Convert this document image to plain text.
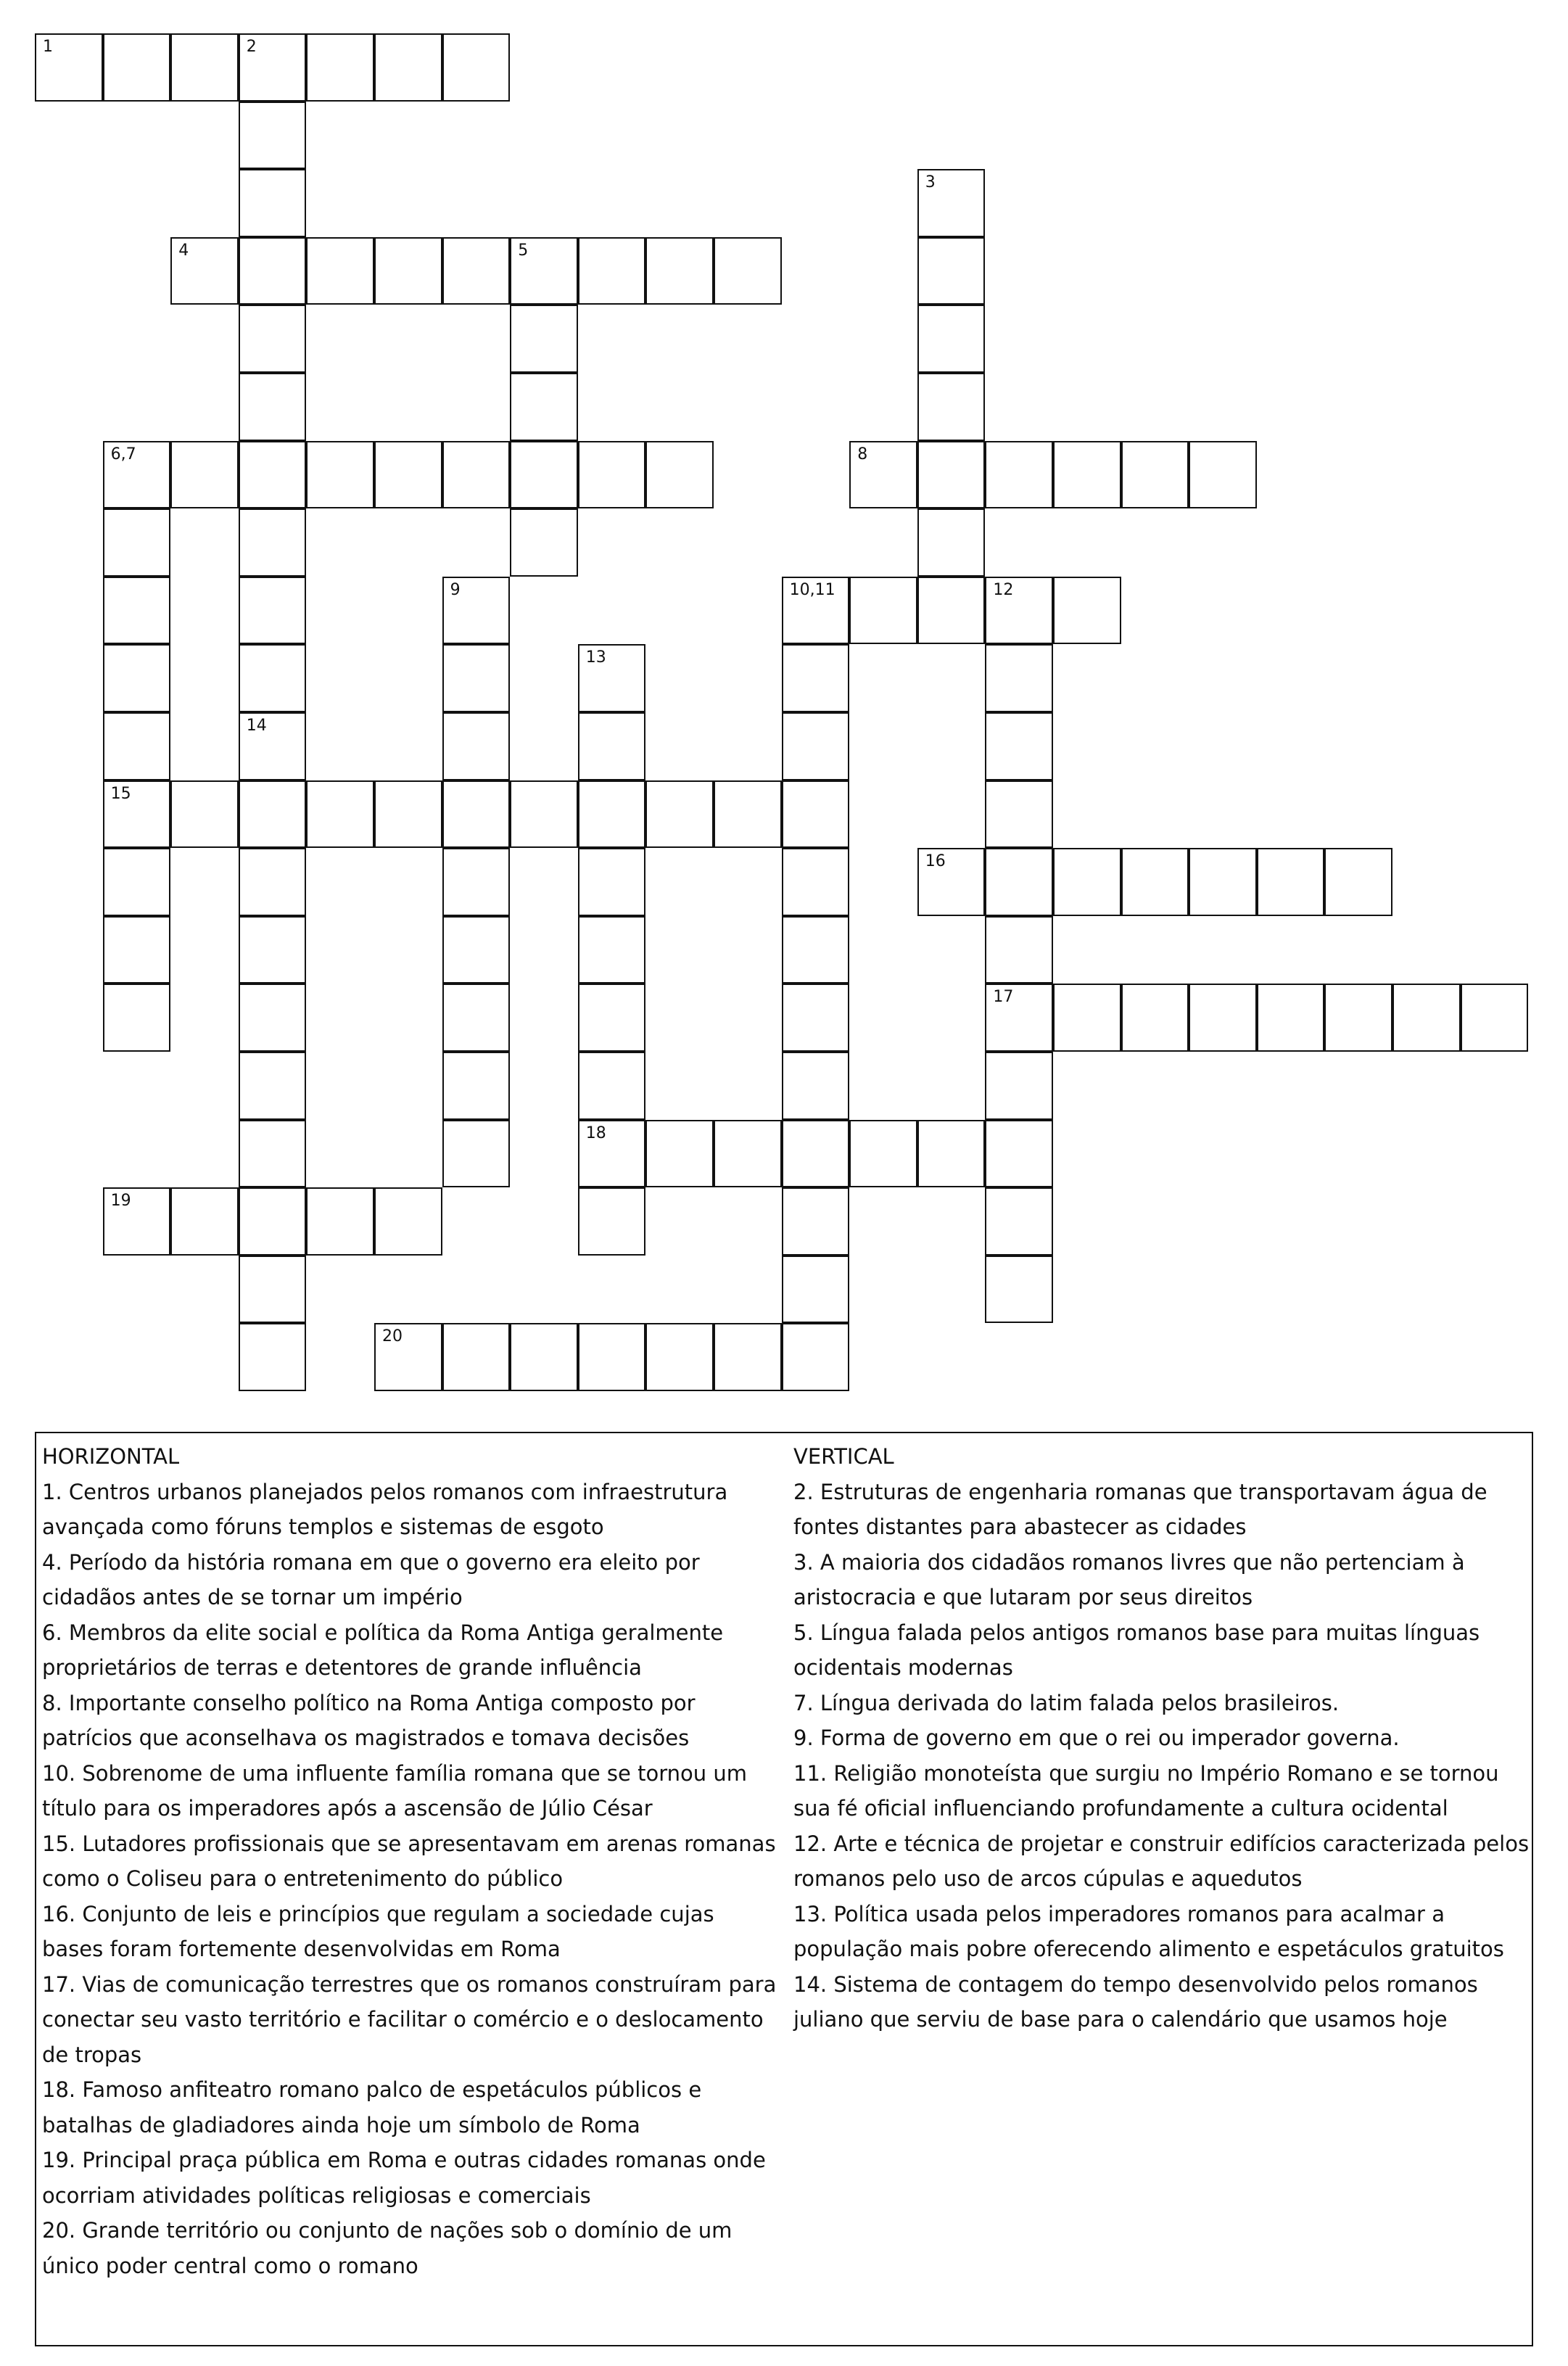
1	2
4	5
6,7	8
10,11	12
15
16
17
18
19
20
3
9
13
14

HORIZONTAL

1. Centros urbanos planejados pelos romanos com infraestrutura avançada como fóruns templos e sistemas de esgoto

4. Período da história romana em que o governo era eleito por cidadãos antes de se tornar um império

6. Membros da elite social e política da Roma Antiga geralmente proprietários de terras e detentores de grande influência

8. Importante conselho político na Roma Antiga composto por patrícios que aconselhava os magistrados e tomava decisões

10. Sobrenome de uma influente família romana que se tornou um título para os imperadores após a ascensão de Júlio César

15. Lutadores profissionais que se apresentavam em arenas romanas como o Coliseu para o entretenimento do público

16. Conjunto de leis e princípios que regulam a sociedade cujas bases foram fortemente desenvolvidas em Roma

17. Vias de comunicação terrestres que os romanos construíram para conectar seu vasto território e facilitar o comércio e o deslocamento de tropas

18. Famoso anfiteatro romano palco de espetáculos públicos e batalhas de gladiadores ainda hoje um símbolo de Roma

19. Principal praça pública em Roma e outras cidades romanas onde ocorriam atividades políticas religiosas e comerciais

20. Grande território ou conjunto de nações sob o domínio de um único poder central como o romano

VERTICAL

2. Estruturas de engenharia romanas que transportavam água de fontes distantes para abastecer as cidades

3. A maioria dos cidadãos romanos livres que não pertenciam à aristocracia e que lutaram por seus direitos

5. Língua falada pelos antigos romanos base para muitas línguas ocidentais modernas

7. Língua derivada do latim falada pelos brasileiros.

9. Forma de governo em que o rei ou imperador governa.

11. Religião monoteísta que surgiu no Império Romano e se tornou sua fé oficial influenciando profundamente a cultura ocidental

12. Arte e técnica de projetar e construir edifícios caracterizada pelos romanos pelo uso de arcos cúpulas e aquedutos

13. Política usada pelos imperadores romanos para acalmar a população mais pobre oferecendo alimento e espetáculos gratuitos

14. Sistema de contagem do tempo desenvolvido pelos romanos juliano que serviu de base para o calendário que usamos hoje
